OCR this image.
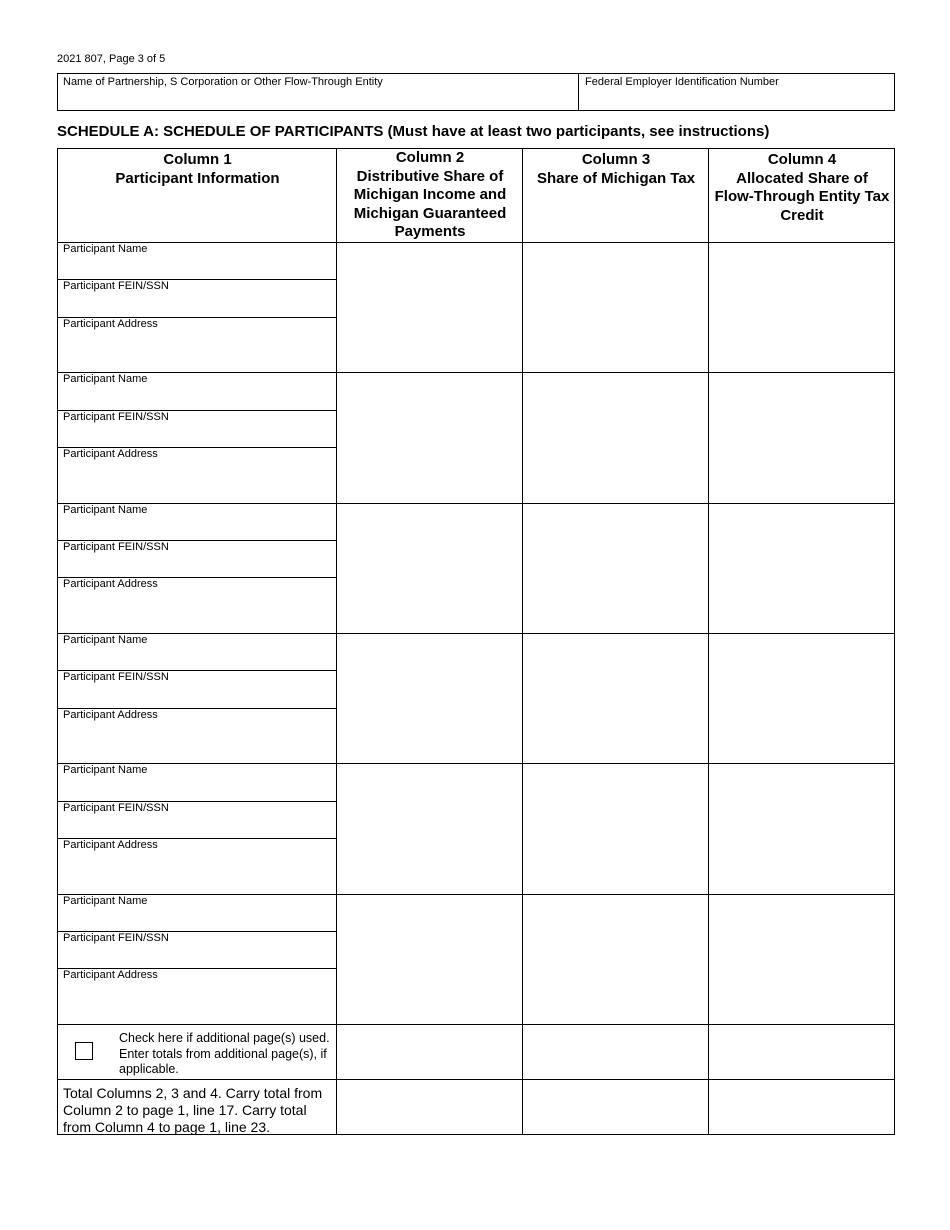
2021 807, Page 3 of 5
Name of Partnership, S Corporation or Other Flow-Through Entity	Federal Employer Identification Number
SCHEDULE A: SCHEDULE OF PARTICIPANTS (Must have at least two participants, see instructions)
Column 1
Participant Information
Column 2
Distributive Share of
Michigan Income and
Michigan Guaranteed
Payments
Column 3
Share of Michigan Tax
Column 4
Allocated Share of
Flow-Through Entity Tax
Credit
Participant Name
Participant FEIN/SSN
Participant Address
Participant Name
Participant FEIN/SSN
Participant Address
Participant Name
Participant FEIN/SSN
Participant Address
Participant Name
Participant FEIN/SSN
Participant Address
Participant Name
Participant FEIN/SSN
Participant Address
Participant Name
Participant FEIN/SSN
Participant Address
Check here if additional page(s) used. Enter totals from additional page(s), if applicable.
Total Columns 2, 3 and 4. Carry total from Column 2 to page 1, line 17. Carry total from Column 4 to page 1, line 23.
